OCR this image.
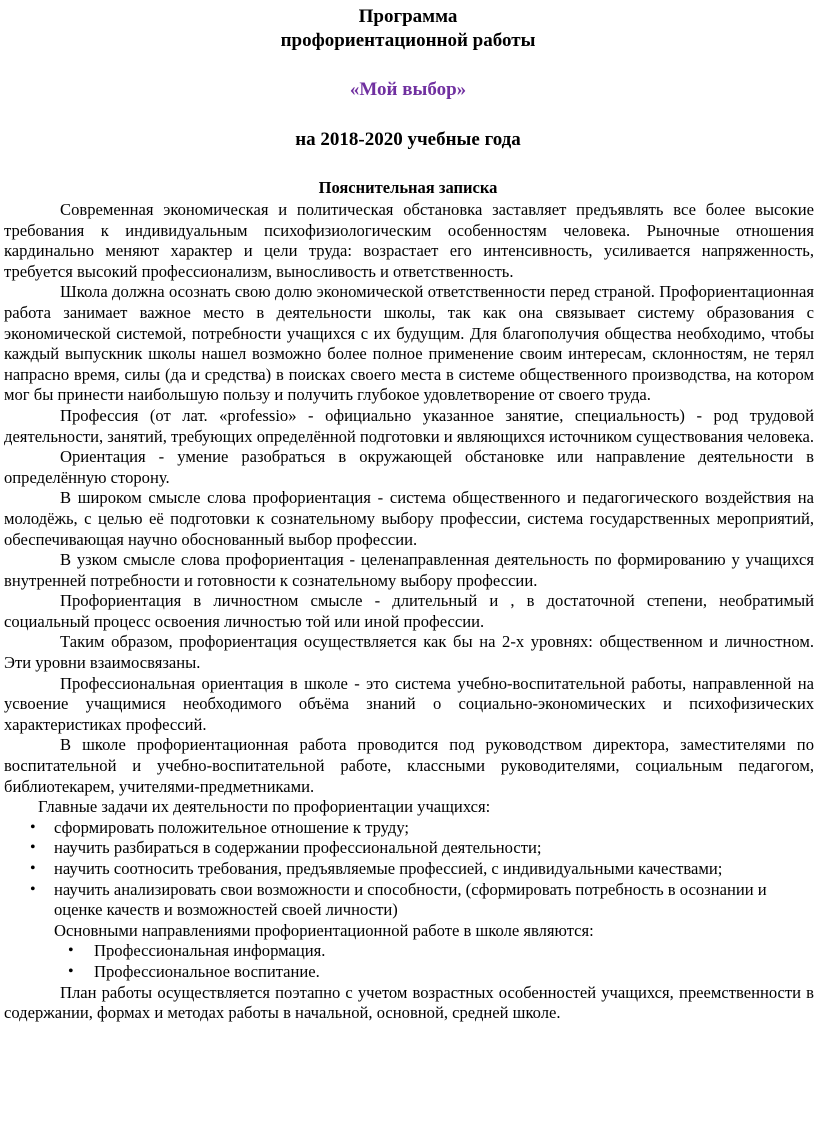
Программа
профориентационной работы
«Мой выбор»
на 2018-2020 учебные года
Пояснительная записка

Современная экономическая и политическая обстановка заставляет предъявлять все более высокие требования к индивидуальным психофизиологическим особенностям человека. Рыночные отношения кардинально меняют характер и цели труда: возрастает его интенсивность, усиливается напряженность, требуется высокий профессионализм, выносливость и ответственность.

Школа должна осознать свою долю экономической ответственности перед страной. Профориентационная работа занимает важное место в деятельности школы, так как она связывает систему образования с экономической системой, потребности учащихся с их будущим. Для благополучия общества необходимо, чтобы каждый выпускник школы нашел возможно более полное применение своим интересам, склонностям, не терял напрасно время, силы (да и средства) в поисках своего места в системе общественного производства, на котором мог бы принести наибольшую пользу и получить глубокое удовлетворение от своего труда.

Профессия (от лат. «professio» - официально указанное занятие, специальность) - род трудовой деятельности, занятий, требующих определённой подготовки и являющихся источником существования человека.

Ориентация - умение разобраться в окружающей обстановке или направление деятельности в определённую сторону.

В широком смысле слова профориентация - система общественного и педагогического воздействия на молодёжь, с целью её подготовки к сознательному выбору профессии, система государственных мероприятий, обеспечивающая научно обоснованный выбор профессии.

В узком смысле слова профориентация - целенаправленная деятельность по формированию у учащихся внутренней потребности и готовности к сознательному выбору профессии.

Профориентация в личностном смысле - длительный и , в достаточной степени, необратимый социальный процесс освоения личностью той или иной профессии.

Таким образом, профориентация осуществляется как бы на 2-х уровнях: общественном и личностном. Эти уровни взаимосвязаны.

Профессиональная ориентация в школе - это система учебно-воспитательной работы, направленной на усвоение учащимися необходимого объёма знаний о социально-экономических и психофизических характеристиках профессий.

В школе профориентационная работа проводится под руководством директора, заместителями по воспитательной и учебно-воспитательной работе, классными руководителями, социальным педагогом, библиотекарем, учителями-предметниками.

Главные задачи их деятельности по профориентации учащихся:

• сформировать положительное отношение к труду;
• научить разбираться в содержании профессиональной деятельности;
• научить соотносить требования, предъявляемые профессией, с индивидуальными качествами;
• научить анализировать свои возможности и способности, (сформировать потребность в осознании и оценке качеств и возможностей своей личности)

Основными направлениями профориентационной работе в школе являются:

• Профессиональная информация.
• Профессиональное воспитание.

План работы осуществляется поэтапно с учетом возрастных особенностей учащихся, преемственности в содержании, формах и методах работы в начальной, основной, средней школе.
